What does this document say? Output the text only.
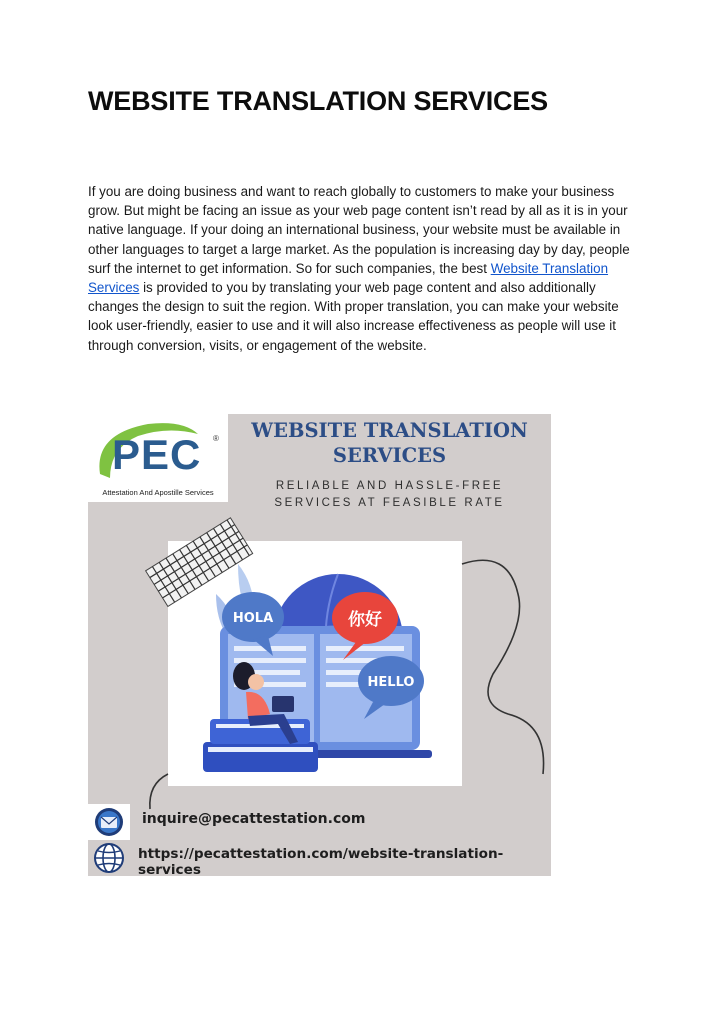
WEBSITE TRANSLATION SERVICES

If you are doing business and want to reach globally to customers to make your business grow. But might be facing an issue as your web page content isn’t read by all as it is in your native language. If your doing an international business, your website must be available in other languages to target a large market. As the population is increasing day by day, people surf the internet to get information. So for such companies, the best Website Translation Services is provided to you by translating your web page content and also additionally changes the design to suit the region. With proper translation, you can make your website look user-friendly, easier to use and it will also increase effectiveness as people will use it through conversion, visits, or engagement of the website.

HOLA	你好
HELLO
PEC ®
Attestation And Apostille Services

WEBSITE TRANSLATION
SERVICES

RELIABLE AND HASSLE-FREE
SERVICES AT FEASIBLE RATE

inquire@pecattestation.com
https://pecattestation.com/website-translation-services
